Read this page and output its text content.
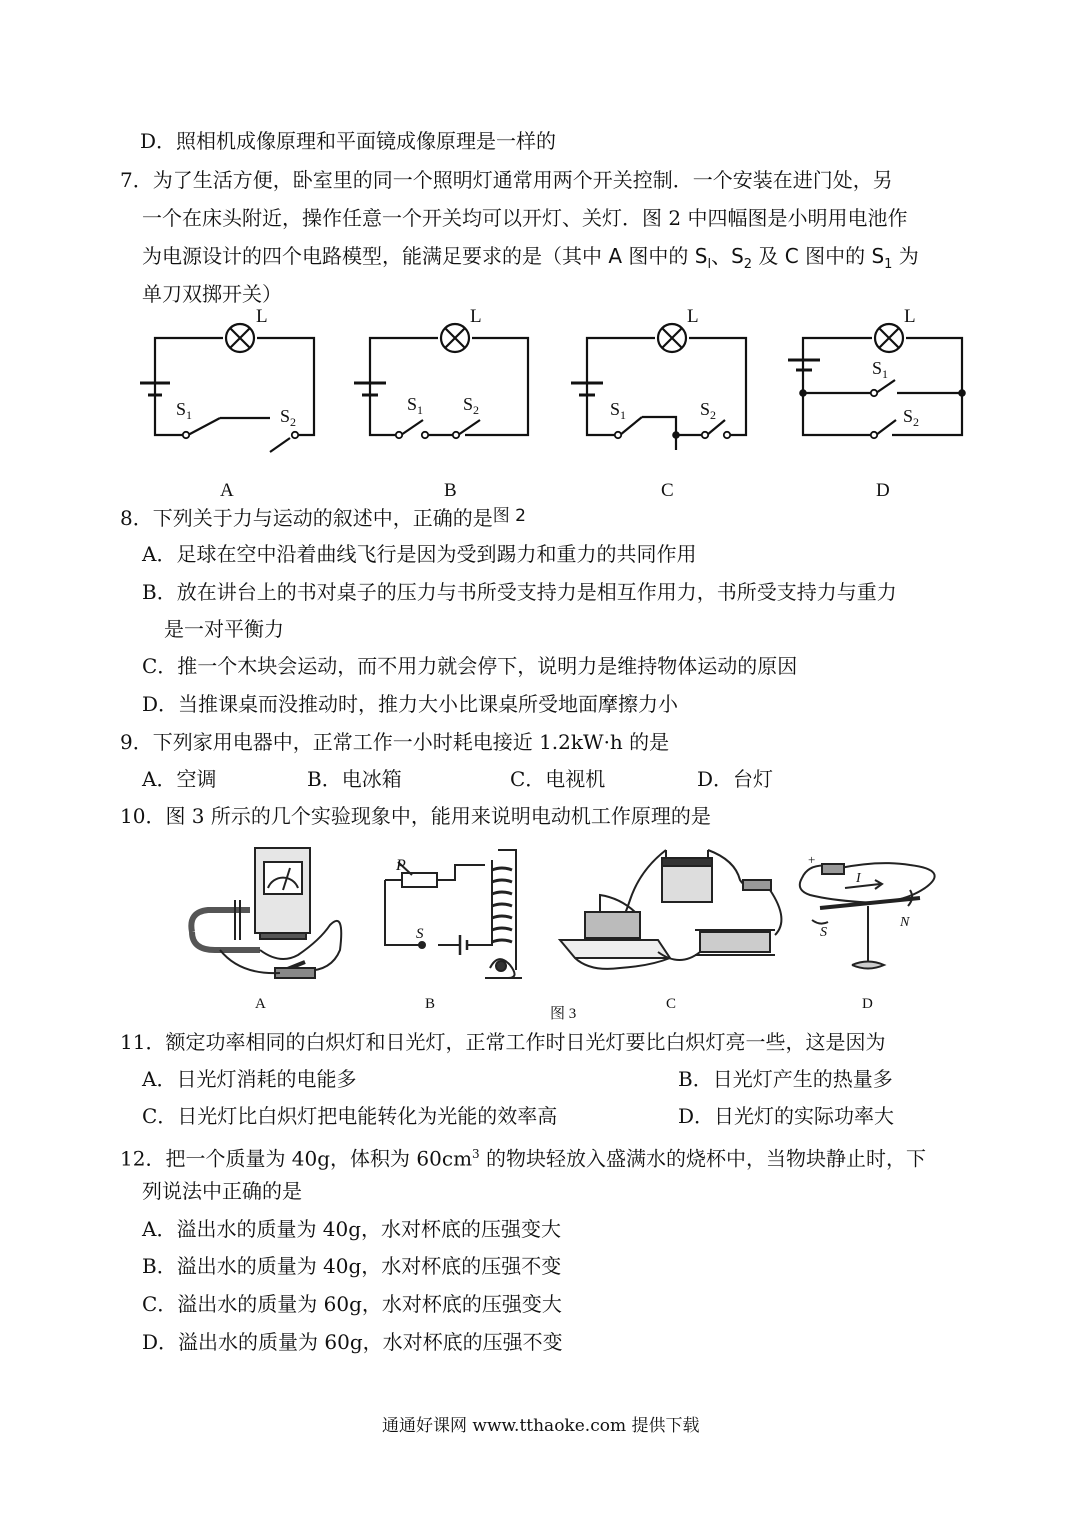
D．照相机成像原理和平面镜成像原理是一样的
7．为了生活方便，卧室里的同一个照明灯通常用两个开关控制．一个安装在进门处，另
一个在床头附近，操作任意一个开关均可以开灯、关灯．图 2 中四幅图是小明用电池作
为电源设计的四个电路模型，能满足要求的是（其中 A 图中的 $S_l$、$S_2$ 及 C 图中的 $S_1$ 为
单刀双掷开关）
L	L	L	L
$S_1$	$S_2$
$S_1$ $S_2$	$S_1$	$S_2$
$S_1$
$S_2$
A	B	C	D
8．下列关于力与运动的叙述中，正确的是$^{图 2}$
A．足球在空中沿着曲线飞行是因为受到踢力和重力的共同作用
B．放在讲台上的书对桌子的压力与书所受支持力是相互作用力，书所受支持力与重力
是一对平衡力
C．推一个木块会运动，而不用力就会停下，说明力是维持物体运动的原因
D．当推课桌而没推动时，推力大小比课桌所受地面摩擦力小
9．下列家用电器中，正常工作一小时耗电接近 1.2kW·h 的是
A．空调	B．电冰箱	C．电视机	D．台灯
10．图 3 所示的几个实验现象中，能用来说明电动机工作原理的是
+
I
S
N
P
S
A	B
图 3
C	D
11．额定功率相同的白炽灯和日光灯，正常工作时日光灯要比白炽灯亮一些，这是因为
A．日光灯消耗的电能多	B．日光灯产生的热量多
C．日光灯比白炽灯把电能转化为光能的效率高	D．日光灯的实际功率大
12．把一个质量为 40g，体积为 $60cm^3$ 的物块轻放入盛满水的烧杯中，当物块静止时，下
列说法中正确的是
A．溢出水的质量为 40g，水对杯底的压强变大
B．溢出水的质量为 40g，水对杯底的压强不变
C．溢出水的质量为 60g，水对杯底的压强变大
D．溢出水的质量为 60g，水对杯底的压强不变
通通好课网 www.tthaoke.com 提供下载
